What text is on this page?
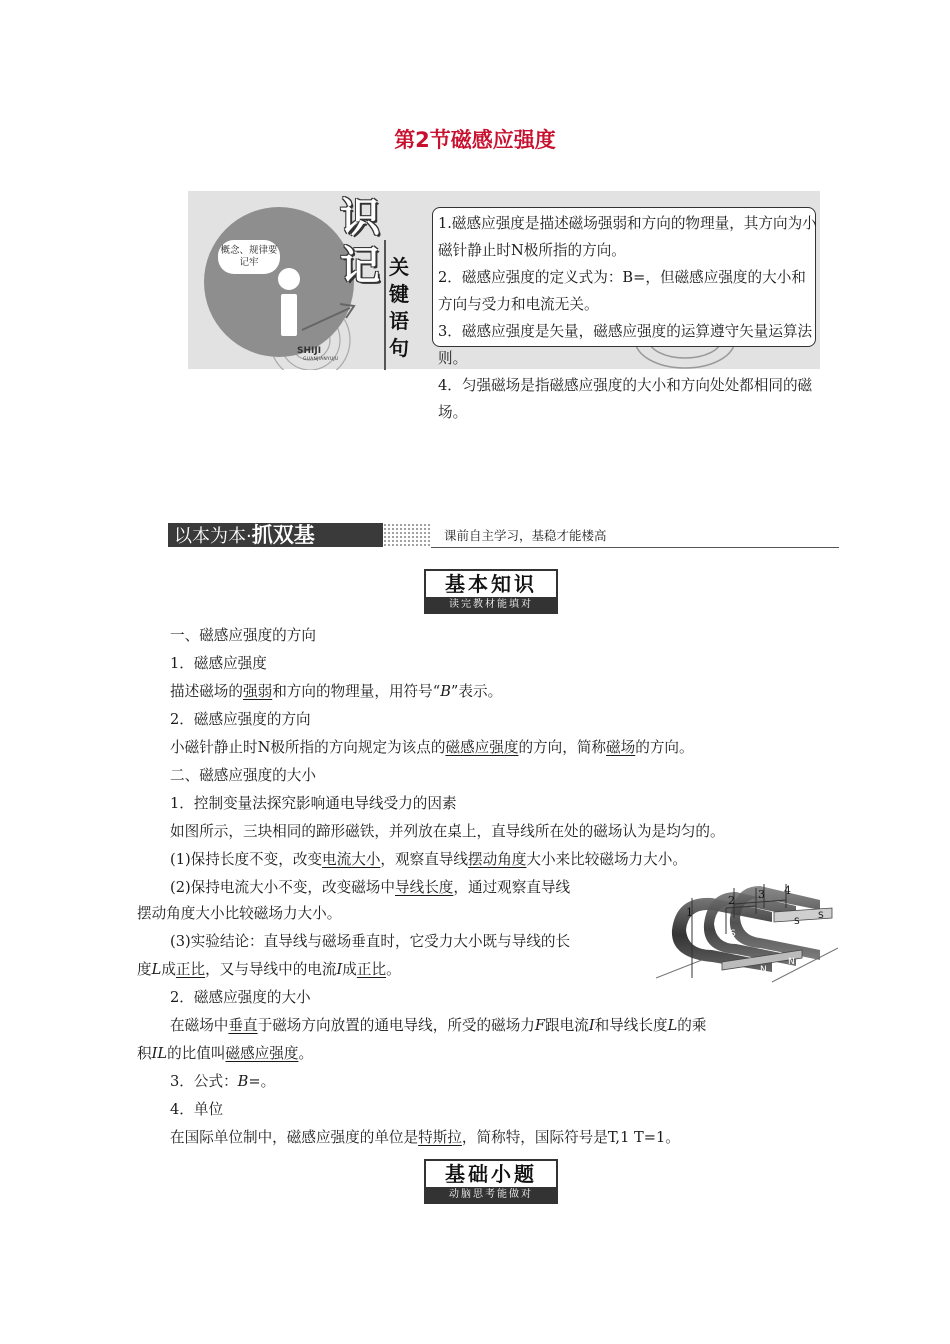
第2节磁感应强度
概念、规律要记牢
SHIJI
GUANJIANYUJU
识
记 关键语句

1.磁感应强度是描述磁场强弱和方向的物理量，其方向为小磁针静止时N极所指的方向。

2．磁感应强度的定义式为：B=，但磁感应强度的大小和方向与受力和电流无关。

3．磁感应强度是矢量，磁感应强度的运算遵守矢量运算法则。

4．匀强磁场是指磁感应强度的大小和方向处处都相同的磁场。

以本为本·抓双基	课前自主学习，基稳才能楼高
基本知识
读完教材能填对

一、磁感应强度的方向

1．磁感应强度

描述磁场的强弱和方向的物理量，用符号“B”表示。

2．磁感应强度的方向

小磁针静止时N极所指的方向规定为该点的磁感应强度的方向，简称磁场的方向。

二、磁感应强度的大小

1．控制变量法探究影响通电导线受力的因素

如图所示，三块相同的蹄形磁铁，并列放在桌上，直导线所在处的磁场认为是均匀的。

(1)保持长度不变，改变电流大小，观察直导线摆动角度大小来比较磁场力大小。

(2)保持电流大小不变，改变磁场中导线长度，通过观察直导线

摆动角度大小比较磁场力大小。

(3)实验结论：直导线与磁场垂直时，它受力大小既与导线的长

度L成正比，又与导线中的电流I成正比。

2．磁感应强度的大小

在磁场中垂直于磁场方向放置的通电导线，所受的磁场力F跟电流I和导线长度L的乘

积IL的比值叫磁感应强度。

3．公式：B=。

4．单位

在国际单位制中，磁感应强度的单位是特斯拉，简称特，国际符号是T,1 T=1。

1
2 3 4
S
S
S
S
N
N
N
基础小题
动脑思考能做对
